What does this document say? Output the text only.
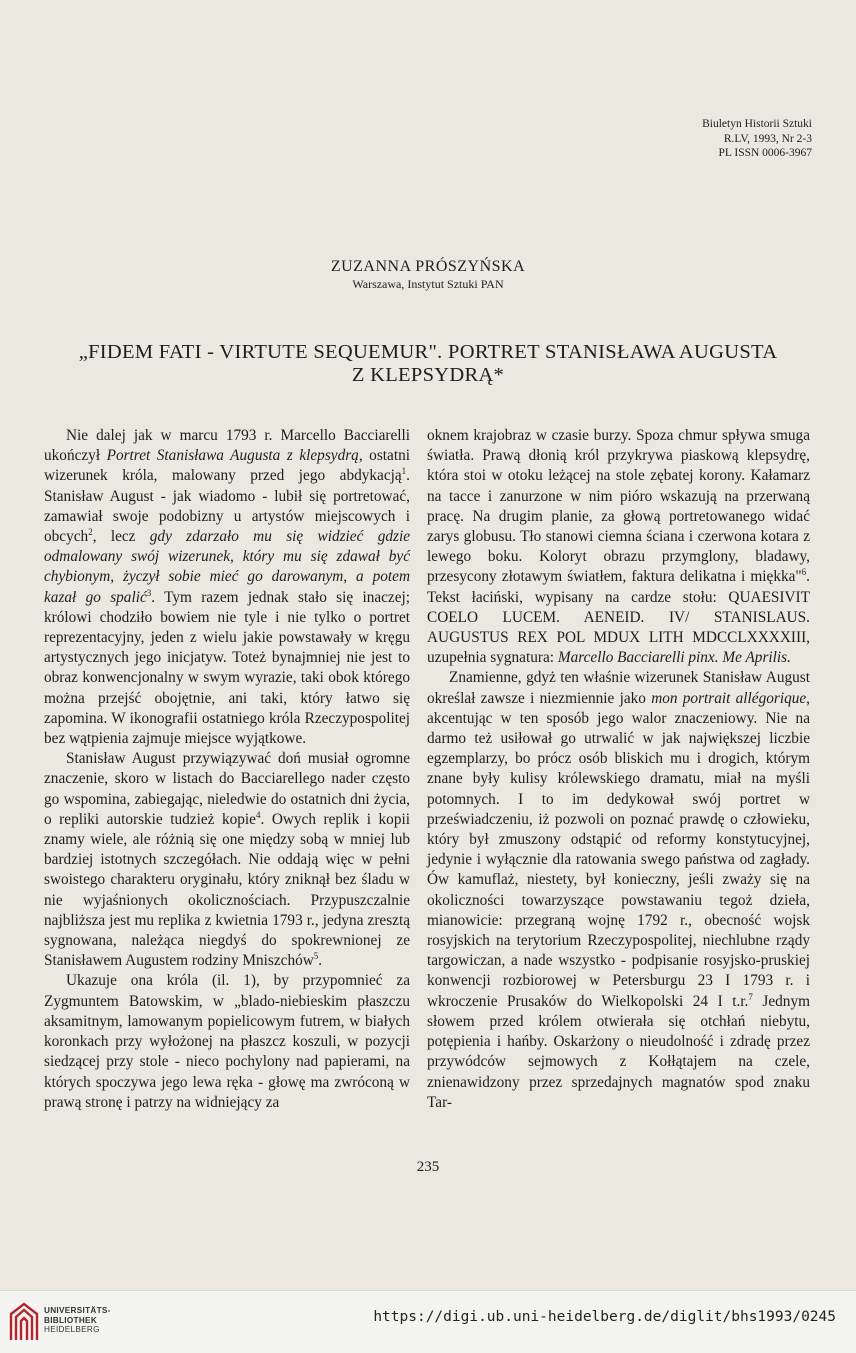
Biuletyn Historii Sztuki
R.LV, 1993, Nr 2-3
PL ISSN 0006-3967
ZUZANNA PRÓSZYŃSKA
Warszawa, Instytut Sztuki PAN
„FIDEM FATI - VIRTUTE SEQUEMUR". PORTRET STANISŁAWA AUGUSTA
Z KLEPSYDRĄ*

Nie dalej jak w marcu 1793 r. Marcello Bacciarelli ukończył Portret Stanisława Augusta z klepsydrą, ostatni wizerunek króla, malowany przed jego abdykacją$^1$. Stanisław August - jak wiadomo - lubił się portretować, zamawiał swoje podobizny u artystów miejscowych i obcych$^2$, lecz gdy zdarzało mu się widzieć gdzie odmalowany swój wizerunek, który mu się zdawał być chybionym, życzył sobie mieć go darowanym, a potem kazał go spalić$^3$. Tym razem jednak stało się inaczej; królowi chodziło bowiem nie tyle i nie tylko o portret reprezentacyjny, jeden z wielu jakie powstawały w kręgu artystycznych jego inicjatyw. Toteż bynajmniej nie jest to obraz konwencjonalny w swym wyrazie, taki obok którego można przejść obojętnie, ani taki, który łatwo się zapomina. W ikonografii ostatniego króla Rzeczypospolitej bez wątpienia zajmuje miejsce wyjątkowe.

Stanisław August przywiązywać doń musiał ogromne znaczenie, skoro w listach do Bacciarellego nader często go wspomina, zabiegając, nieledwie do ostatnich dni życia, o repliki autorskie tudzież kopie$^4$. Owych replik i kopii znamy wiele, ale różnią się one między sobą w mniej lub bardziej istotnych szczegółach. Nie oddają więc w pełni swoistego charakteru oryginału, który zniknął bez śladu w nie wyjaśnionych okolicznościach. Przypuszczalnie najbliższa jest mu replika z kwietnia 1793 r., jedyna zresztą sygnowana, należąca niegdyś do spokrewnionej ze Stanisławem Augustem rodziny Mniszchów$^5$.

Ukazuje ona króla (il. 1), by przypomnieć za Zygmuntem Batowskim, w „blado-niebieskim płaszczu aksamitnym, lamowanym popielicowym futrem, w białych koronkach przy wyłożonej na płaszcz koszuli, w pozycji siedzącej przy stole - nieco pochylony nad papierami, na których spoczywa jego lewa ręka - głowę ma zwróconą w prawą stronę i patrzy na widniejący za

oknem krajobraz w czasie burzy. Spoza chmur spływa smuga światła. Prawą dłonią król przykrywa piaskową klepsydrę, która stoi w otoku leżącej na stole zębatej korony. Kałamarz na tacce i zanurzone w nim pióro wskazują na przerwaną pracę. Na drugim planie, za głową portretowanego widać zarys globusu. Tło stanowi ciemna ściana i czerwona kotara z lewego boku. Koloryt obrazu przymglony, bladawy, przesycony złotawym światłem, faktura delikatna i miękka"$^6$. Tekst łaciński, wypisany na cardze stołu: QUAESIVIT COELO LUCEM. AENEID. IV/ STANISLAUS. AUGUSTUS REX POL MDUX LITH MDCCLXXXXIII, uzupełnia sygnatura: Marcello Bacciarelli pinx. Me Aprilis.

Znamienne, gdyż ten właśnie wizerunek Stanisław August określał zawsze i niezmiennie jako mon portrait allégorique, akcentując w ten sposób jego walor znaczeniowy. Nie na darmo też usiłował go utrwalić w jak największej liczbie egzemplarzy, bo prócz osób bliskich mu i drogich, którym znane były kulisy królewskiego dramatu, miał na myśli potomnych. I to im dedykował swój portret w przeświadczeniu, iż pozwoli on poznać prawdę o człowieku, który był zmuszony odstąpić od reformy konstytucyjnej, jedynie i wyłącznie dla ratowania swego państwa od zagłady. Ów kamuflaż, niestety, był konieczny, jeśli zważy się na okoliczności towarzyszące powstawaniu tegoż dzieła, mianowicie: przegraną wojnę 1792 r., obecność wojsk rosyjskich na terytorium Rzeczypospolitej, niechlubne rządy targowiczan, a nade wszystko - podpisanie rosyjsko-pruskiej konwencji rozbiorowej w Petersburgu 23 I 1793 r. i wkroczenie Prusaków do Wielkopolski 24 I t.r.$^7$ Jednym słowem przed królem otwierała się otchłań niebytu, potępienia i hańby. Oskarżony o nieudolność i zdradę przez przywódców sejmowych z Kołłątajem na czele, znienawidzony przez sprzedajnych magnatów spod znaku Tar-

235
UNIVERSITÄTS-
BIBLIOTHEK
HEIDELBERG
https://digi.ub.uni-heidelberg.de/diglit/bhs1993/0245
